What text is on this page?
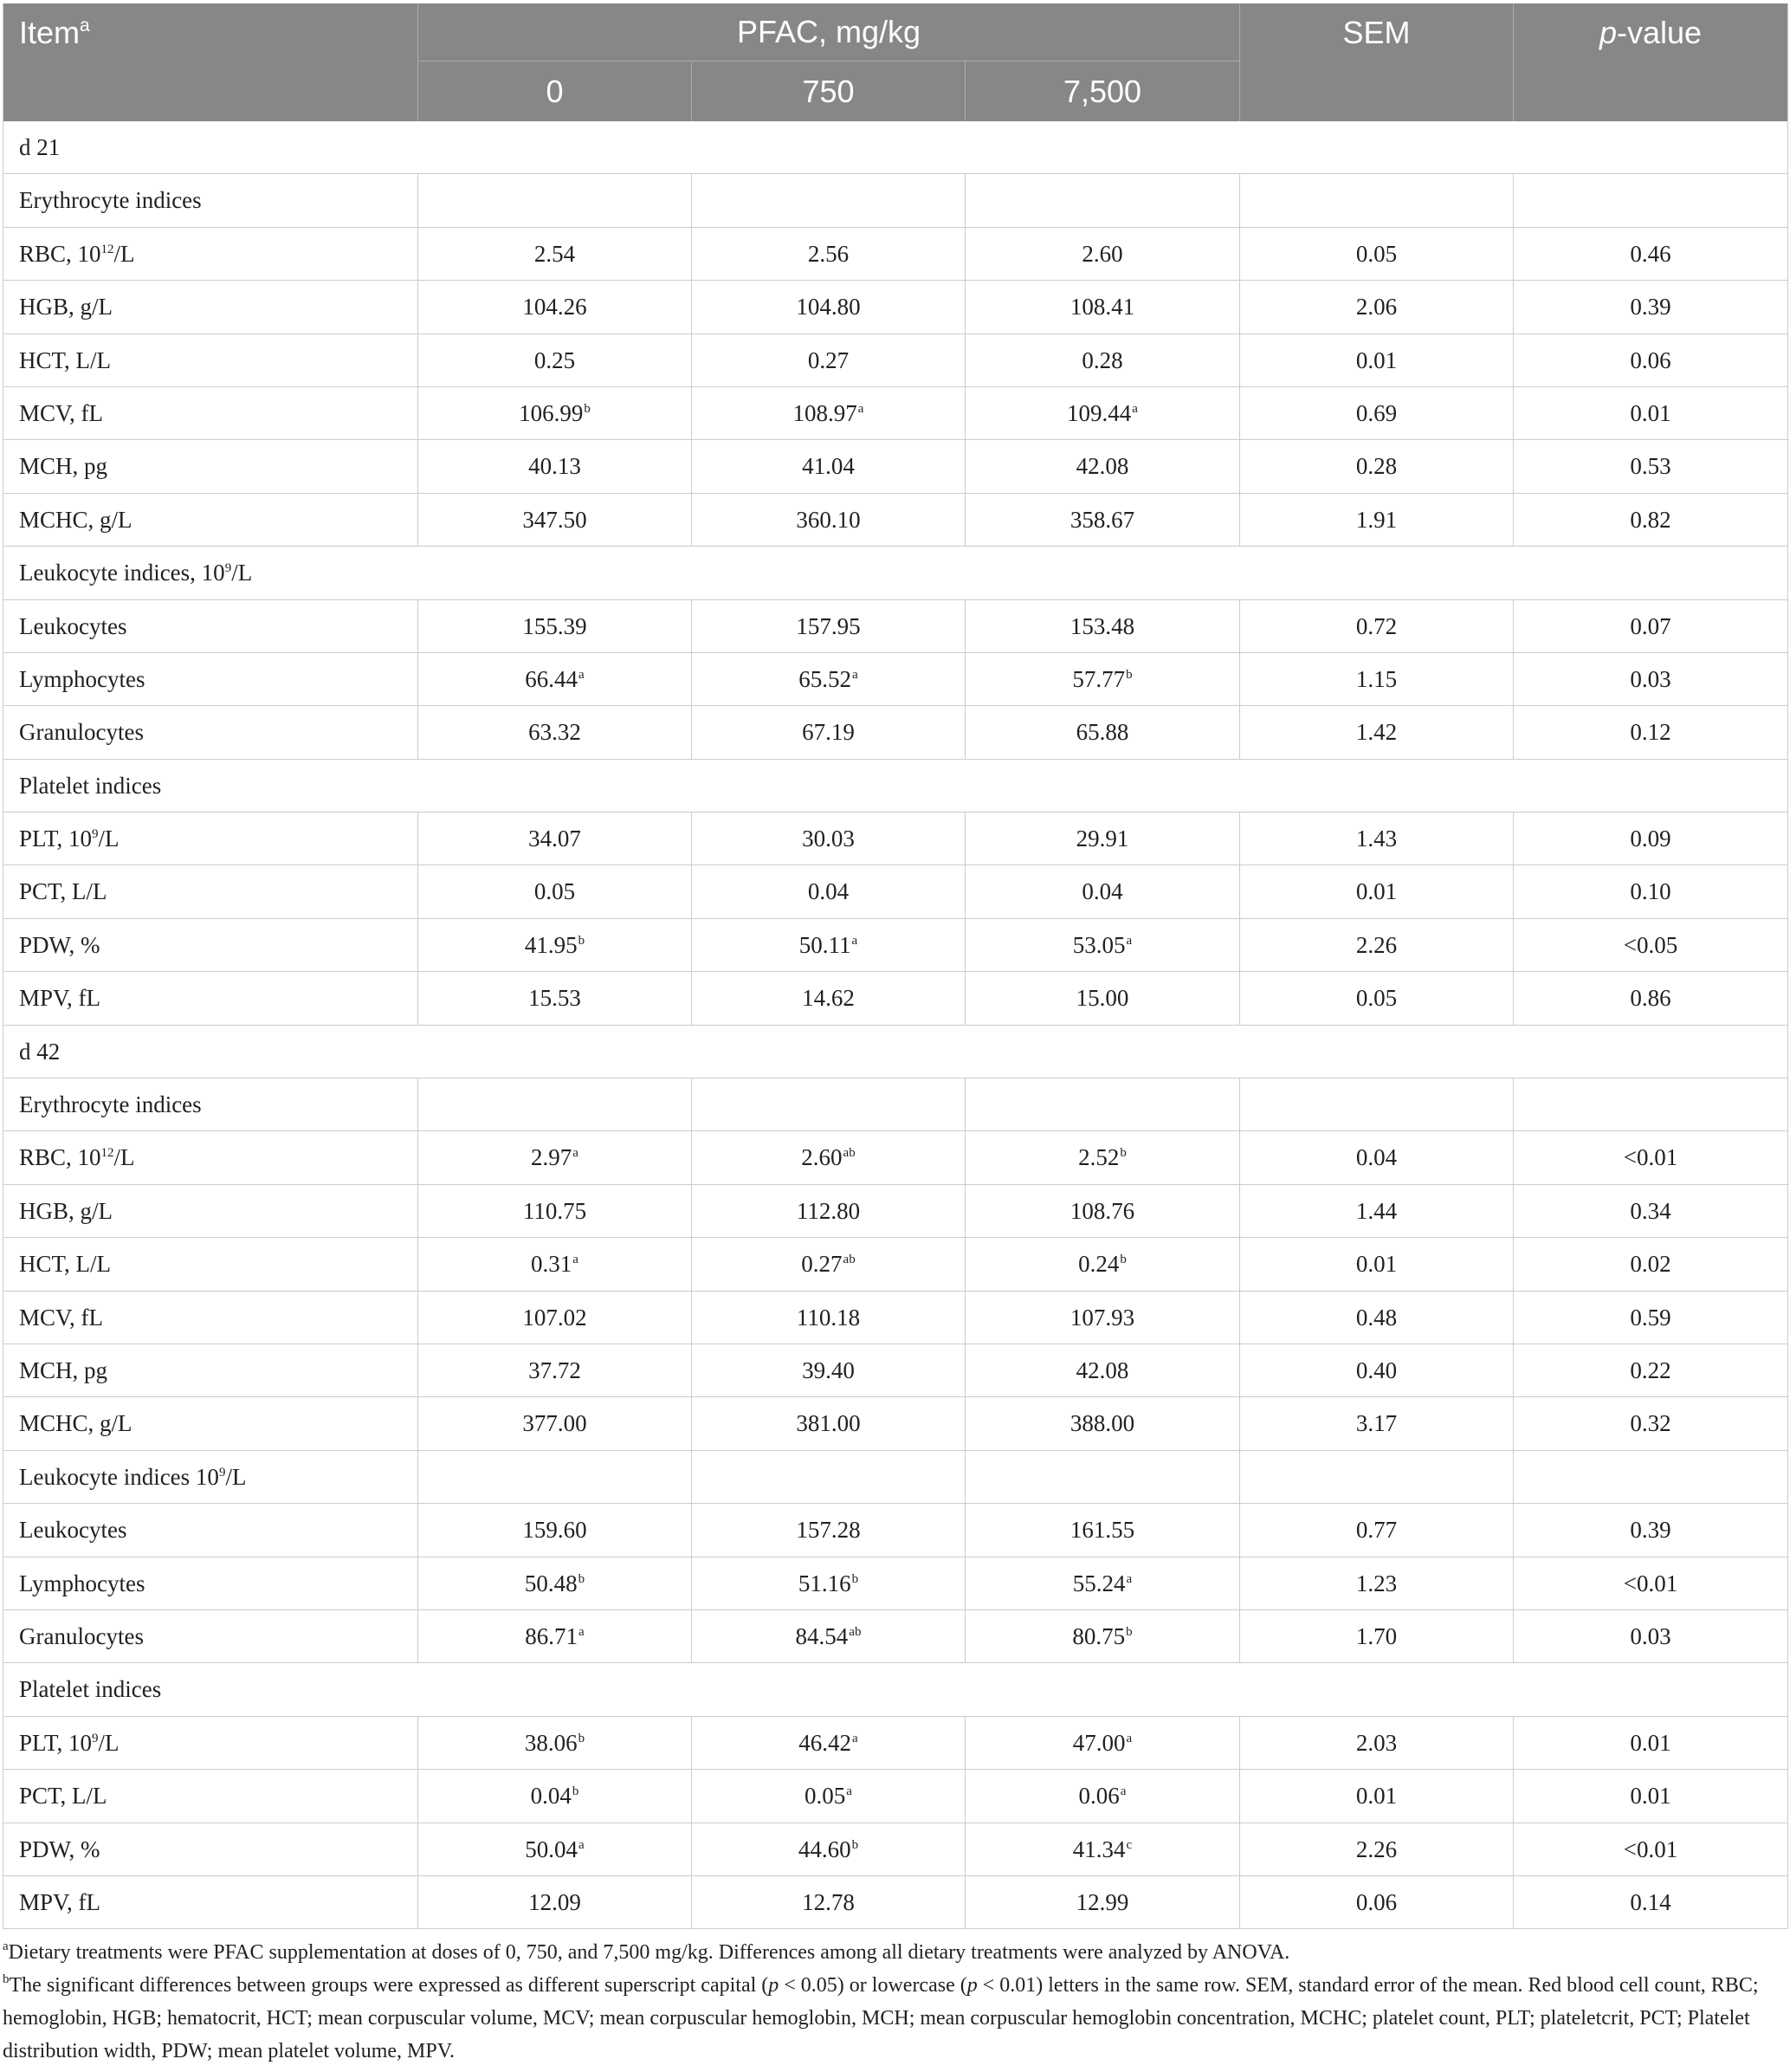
Item$^a$	PFAC, mg/kg	SEM	p-value
0	750	7,500
d 21
Erythrocyte indices
RBC, $10^{12}/L$	2.54	2.56	2.60	0.05	0.46
HGB, g/L	104.26	104.80	108.41	2.06	0.39
HCT, L/L	0.25	0.27	0.28	0.01	0.06
MCV, fL	106.99$^b$	108.97$^a$	109.44$^a$	0.69	0.01
MCH, pg	40.13	41.04	42.08	0.28	0.53
MCHC, g/L	347.50	360.10	358.67	1.91	0.82
Leukocyte indices, $10^9/L$
Leukocytes	155.39	157.95	153.48	0.72	0.07
Lymphocytes	66.44$^a$	65.52$^a$	57.77$^b$	1.15	0.03
Granulocytes	63.32	67.19	65.88	1.42	0.12
Platelet indices
PLT, $10^9/L$	34.07	30.03	29.91	1.43	0.09
PCT, L/L	0.05	0.04	0.04	0.01	0.10
PDW, %	41.95$^b$	50.11$^a$	53.05$^a$	2.26	<0.05
MPV, fL	15.53	14.62	15.00	0.05	0.86
d 42
Erythrocyte indices
RBC, $10^{12}/L$	2.97$^a$	2.60$^{ab}$	2.52$^b$	0.04	<0.01
HGB, g/L	110.75	112.80	108.76	1.44	0.34
HCT, L/L	0.31$^a$	0.27$^{ab}$	0.24$^b$	0.01	0.02
MCV, fL	107.02	110.18	107.93	0.48	0.59
MCH, pg	37.72	39.40	42.08	0.40	0.22
MCHC, g/L	377.00	381.00	388.00	3.17	0.32
Leukocyte indices $10^9/L$
Leukocytes	159.60	157.28	161.55	0.77	0.39
Lymphocytes	50.48$^b$	51.16$^b$	55.24$^a$	1.23	<0.01
Granulocytes	86.71$^a$	84.54$^{ab}$	80.75$^b$	1.70	0.03
Platelet indices
PLT, $10^9/L$	38.06$^b$	46.42$^a$	47.00$^a$	2.03	0.01
PCT, L/L	0.04$^b$	0.05$^a$	0.06$^a$	0.01	0.01
PDW, %	50.04$^a$	44.60$^b$	41.34$^c$	2.26	<0.01
MPV, fL	12.09	12.78	12.99	0.06	0.14

$^a$Dietary treatments were PFAC supplementation at doses of 0, 750, and 7,500 mg/kg. Differences among all dietary treatments were analyzed by ANOVA.

$^b$The significant differences between groups were expressed as different superscript capital (p < 0.05) or lowercase (p < 0.01) letters in the same row. SEM, standard error of the mean. Red blood cell count, RBC; hemoglobin, HGB; hematocrit, HCT; mean corpuscular volume, MCV; mean corpuscular hemoglobin, MCH; mean corpuscular hemoglobin concentration, MCHC; platelet count, PLT; plateletcrit, PCT; Platelet distribution width, PDW; mean platelet volume, MPV.
